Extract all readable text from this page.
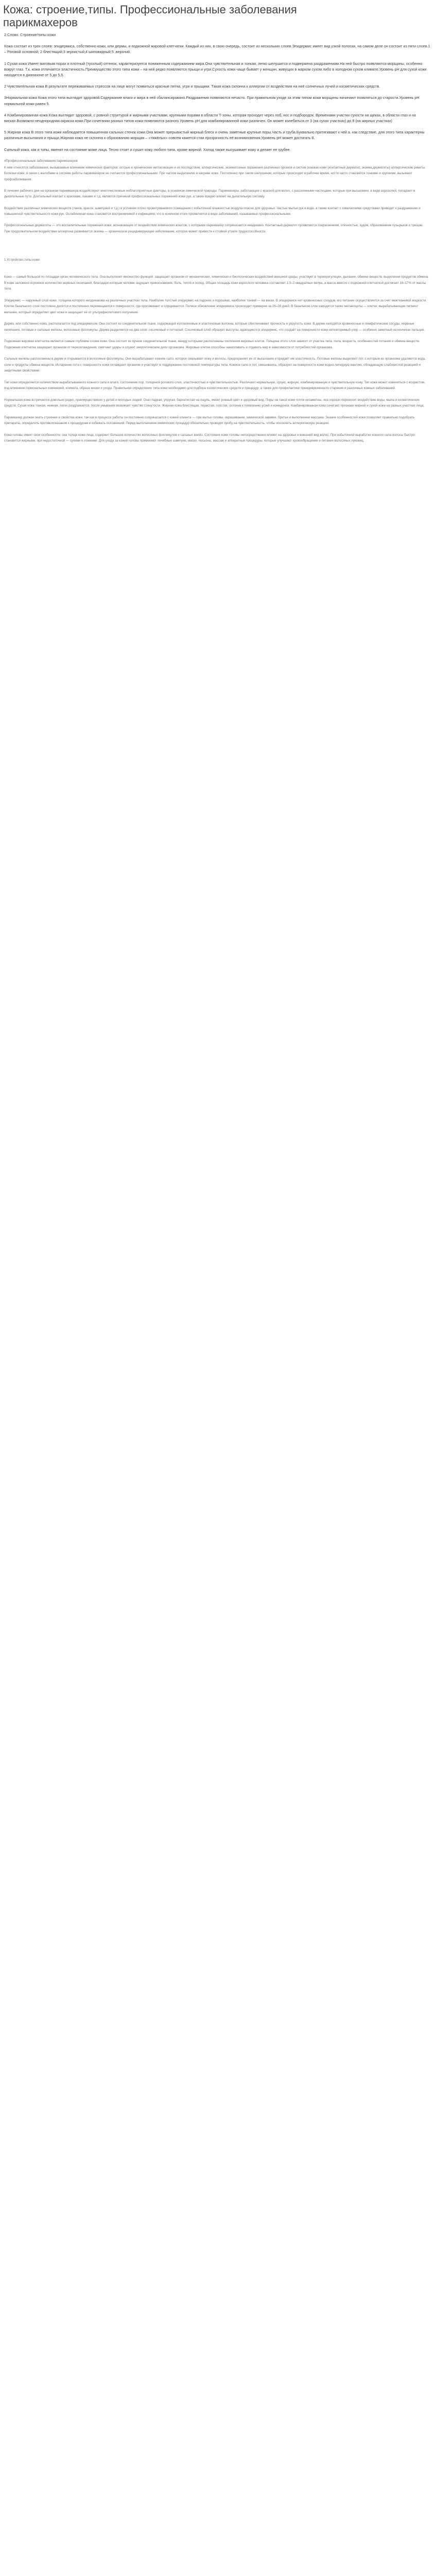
Кожа: строение,типы. Профессиональные заболевания парикмахеров

2.Слово. Строение/типы кожи

Кожа состоит из трех слоев: эпидермиса, собственно кожи, или дермы, и подкожной жировой клетчатки. Каждый из них, в свою очередь, состоит из нескольких слоев.Эпидермис имеет вид узкой полоски, на самом деле он состоит из пяти слоев.1 – Роговой основной; 2 блестящий;3 зернистый;4 шиповидный;5 ,верхний.

1 Сухая кожа Имеет матовым порах и плотный (тусклый) оттенок, характеризуется пониженным содержанием жира.Она чувствительная и тонкая, легко шелушится и подвержена раздражениям.На ней быстро появляются морщины, особенно вокруг глаз. Т.к. кожа отличается эластичность.Преимущество этого типа кожи – на ней редко появляются прыщи и угри.Сухость кожи чаще бывает у женщин, живущих в жарком сухом либо в холодном сухом климате.Уровень рН для сухой кожи находится в диапазоне от 5 до 5,5.

2 Чувствительная кожа В результате переживаемых стрессов на лице могут появиться красные пятна, угри и прыщики. Такая кожа склонна к аллергии от воздействия на неё солнечных лучей и косметических средств.

3Нормальная кожа Кожа этого типа выглядит здоровой.Содержание влаги и жира в ней сбалансировано.Раздражения появляются нечасто. При правильном уходе за этим типом кожи морщины начинают появляться до старости.Уровень рН нормальной кожи равен 5.

4 Комбинированная кожа Кожа выглядит здоровой, с ровной структурой и жирными участками, крупными порами в области Т-зоны, которая проходит через лоб, нос и подбородок. Временами участки сухости на щеках, в области глаз и на висках.Возможно неоднородная окраска кожи.При сочетании разных типов кожи появляются разного Уровень рН для комбинированной кожи различен. Он может колебаться от 3 (на сухих участках) до 8 (на жирных участках)

5 Жирная кожа В этого типа кожи наблюдается повышенная сальных стенок кожи.Она может прерывистый жирный блеск и очень заметные крупные поры.Часть и груба.Буквально притягивают к ней а. как следствие, для этого типа характерны различные высыпания и прыщи.Жирная кожа не склонна к образованию морщин – «тяжёлых» совсем кажется стая прозрачность её возникновения.Уровень рН может достигать 8.

Сильный кожа, как и типы, вменят на состояние жиже лица. Тесно стоит и сушит кожу любого типа, кроме жирной. Холод также высушивает кожу и делает ее грубее.

4Профессиональные заболевания парикмахеров

К ним относятся заболевания, вызываемые влиянием химических факторов: острые и хронические интоксикации и их последствия; аллергические, экзематозные поражения различных органов и систем (конжая кожи (контактный дерматит, экзема,дерматиты) аллергические ринеты. Болезни кожи, в связи с жалобами в системе работы парикмахеров не считаются профессиональными. При частом выделениях в нагреве кожи. Постепенно при таком шелушении, которые происходят в рабочее время, ногти часто становятся тонкими и хрупкими, вызывают профзаболевания.

В течение рабочего дня на организм парикмахера воздействуют многочисленные неблагоприятные факторы, в основном химической природы. Парикмахеры, работающие с краской для волос, с рассеянными частицами, которые при высыхании, в виде аэрозолей, попадают в дыхательные пути. Длительный контакт с красками, лаками и т.д. является причиной профессиональных поражений кожи рук, а также вредно влияет на дыхательную систему.

Воздействие различных химических веществ (лаков, красок, шампуней и т.д.) в условиях плохо проветриваемого помещения с избыточной влажностью воздуха опасно для здоровья. Частые мытья рук в воде, а также контакт с химическими средствами приводит к раздражению и повышенной чувствительности кожи рук. Ослабленная кожа становится восприимчивой к инфекциям, что в конечном итоге проявляется в виде заболеваний, называемых профессиональными.

Профессиональные дерматиты — это воспалительные поражения кожи, возникающие от воздействия химических агентов, с которыми парикмахер соприкасается ежедневно. Контактный дерматит проявляется покраснением, отёчностью, зудом, образованием пузырьков и трещин. При продолжительном воздействии аллергена развивается экзема — хроническое рецидивирующее заболевание, которое может привести к стойкой утрате трудоспособности.

1.Устройство,типы кожи

Кожа — самый большой по площади орган человеческого тела. Она выполняет множество функций: защищает организм от механических, химических и биологических воздействий внешней среды, участвует в терморегуляции, дыхании, обмене веществ, выделении продуктов обмена. В коже заложено огромное количество нервных окончаний, благодаря которым человек ощущает прикосновение, боль, тепло и холод. Общая площадь кожи взрослого человека составляет 1,5–2 квадратных метра, а масса вместе с подкожной клетчаткой достигает 16–17% от массы тела.

Эпидермис — наружный слой кожи, толщина которого неодинакова на различных участках тела. Наиболее толстый эпидермис на ладонях и подошвах, наиболее тонкий — на веках. В эпидермисе нет кровеносных сосудов, его питание осуществляется за счёт межтканевой жидкости. Клетки базального слоя постоянно делятся и постепенно перемещаются к поверхности, где ороговевают и слущиваются. Полное обновление эпидермиса происходит примерно за 26–28 дней. В базальном слое находятся также меланоциты — клетки, вырабатывающие пигмент меланин, который определяет цвет кожи и защищает её от ультрафиолетового излучения.

Дерма, или собственно кожа, располагается под эпидермисом. Она состоит из соединительной ткани, содержащей коллагеновые и эластиновые волокна, которые обеспечивают прочность и упругость кожи. В дерме находятся кровеносные и лимфатические сосуды, нервные окончания, потовые и сальные железы, волосяные фолликулы. Дерма разделяется на два слоя: сосочковый и сетчатый. Сосочковый слой образует выступы, вдающиеся в эпидермис, что создаёт на поверхности кожи неповторимый узор — особенно заметный на кончиках пальцев.

Подкожная жировая клетчатка является самым глубоким слоем кожи. Она состоит из пучков соединительной ткани, между которыми расположены скопления жировых клеток. Толщина этого слоя зависит от участка тела, пола, возраста, особенностей питания и обмена веществ. Подкожная клетчатка защищает организм от переохлаждения, смягчает удары и служит энергетическим депо организма. Жировые клетки способны накапливать и отдавать жир в зависимости от потребностей организма.

Сальные железы расположены в дерме и открываются в волосяные фолликулы. Они вырабатывают кожное сало, которое смазывает кожу и волосы, предохраняет их от высыхания и придаёт им эластичность. Потовые железы выделяют пот, с которым из организма удаляются вода, соли и продукты обмена веществ. Испарение пота с поверхности кожи охлаждает организм и участвует в поддержании постоянной температуры тела. Кожное сало и пот, смешиваясь, образуют на поверхности кожи водно-липидную мантию, обладающую слабокислой реакцией и защитными свойствами.

Тип кожи определяется количеством вырабатываемого кожного сала и влаги, состоянием пор, толщиной рогового слоя, эластичностью и чувствительностью. Различают нормальную, сухую, жирную, комбинированную и чувствительную кожу. Тип кожи может изменяться с возрастом, под влиянием гормональных изменений, климата, образа жизни и ухода. Правильное определение типа кожи необходимо для подбора косметических средств и процедур, а также для профилактики преждевременного старения и различных кожных заболеваний.

Нормальная кожа встречается довольно редко, преимущественно у детей и молодых людей. Она гладкая, упругая, бархатистая на ощупь, имеет ровный цвет и здоровый вид. Поры на такой коже почти незаметны, она хорошо переносит воздействие воды, мыла и косметических средств. Сухая кожа тонкая, нежная, легко раздражается, после умывания возникает чувство стянутости. Жирная кожа блестящая, пористая, толстая, склонна к появлению угрей и комедонов. Комбинированная кожа сочетает признаки жирной и сухой кожи на разных участках лица.

Парикмахер должен знать строение и свойства кожи, так как в процессе работы он постоянно соприкасается с кожей клиента — при мытье головы, окрашивании, химической завивке, бритье и выполнении массажа. Знание особенностей кожи позволяет правильно подобрать препараты, определить противопоказания к процедурам и избежать осложнений. Перед выполнением химических процедур обязательно проводят пробу на чувствительность, чтобы исключить аллергическую реакцию.

Кожа головы имеет свои особенности: она толще кожи лица, содержит большое количество волосяных фолликулов и сальных желёз. Состояние кожи головы непосредственно влияет на здоровье и внешний вид волос. При избыточной выработке кожного сала волосы быстро становятся жирными, при недостаточной — сухими и ломкими. Для ухода за кожей головы применяют лечебные шампуни, маски, лосьоны, массаж и аппаратные процедуры, которые улучшают кровообращение и питание волосяных луковиц.
